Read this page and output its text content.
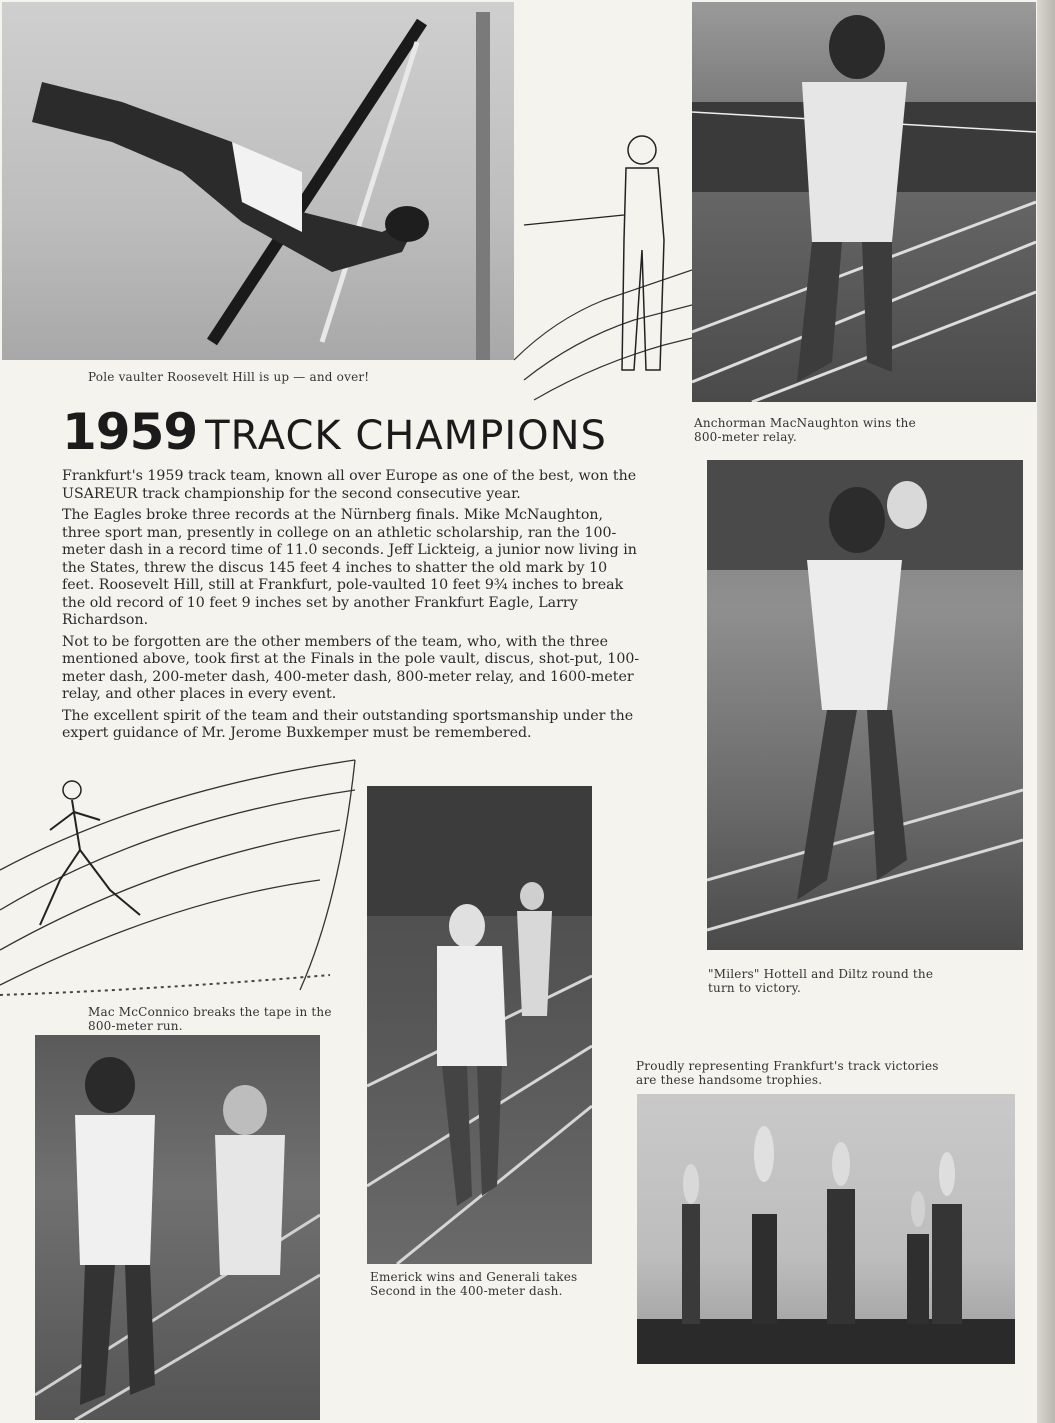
Pole vaulter Roosevelt Hill is up — and over!
Anchorman MacNaughton wins the 800-meter relay.
1959 TRACK CHAMPIONS

Frankfurt's 1959 track team, known all over Europe as one of the best, won the USAREUR track championship for the second consecutive year.

The Eagles broke three records at the Nürnberg finals. Mike McNaughton, three sport man, presently in college on an athletic scholarship, ran the 100-meter dash in a record time of 11.0 seconds. Jeff Lickteig, a junior now living in the States, threw the discus 145 feet 4 inches to shatter the old mark by 10 feet. Roosevelt Hill, still at Frankfurt, pole-vaulted 10 feet 9¾ inches to break the old record of 10 feet 9 inches set by another Frankfurt Eagle, Larry Richardson.

Not to be forgotten are the other members of the team, who, with the three mentioned above, took first at the Finals in the pole vault, discus, shot-put, 100-meter dash, 200-meter dash, 400-meter dash, 800-meter relay, and 1600-meter relay, and other places in every event.

The excellent spirit of the team and their outstanding sportsmanship under the expert guidance of Mr. Jerome Buxkemper must be remembered.

"Milers" Hottell and Diltz round the turn to victory.
Mac McConnico breaks the tape in the 800-meter run.
Emerick wins and Generali takes Second in the 400-meter dash.
Proudly representing Frankfurt's track victories are these handsome trophies.
